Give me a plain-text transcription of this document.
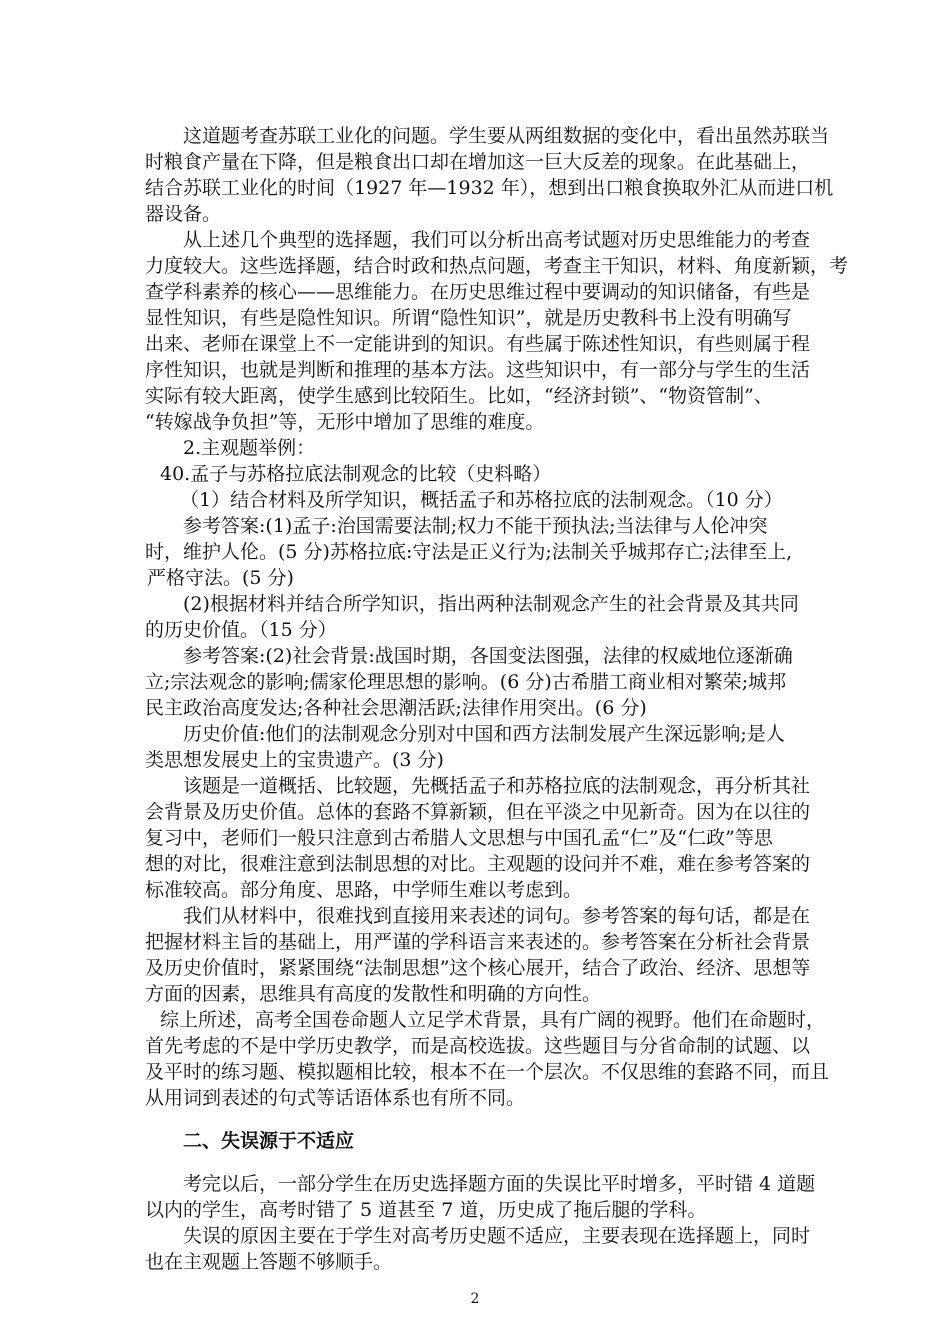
这道题考查苏联工业化的问题。学生要从两组数据的变化中，看出虽然苏联当
时粮食产量在下降，但是粮食出口却在增加这一巨大反差的现象。在此基础上，
结合苏联工业化的时间（1927 年—1932 年），想到出口粮食换取外汇从而进口机
器设备。
从上述几个典型的选择题，我们可以分析出高考试题对历史思维能力的考查
力度较大。这些选择题，结合时政和热点问题，考查主干知识，材料、角度新颖，考
查学科素养的核心——思维能力。在历史思维过程中要调动的知识储备，有些是
显性知识，有些是隐性知识。所谓“隐性知识”，就是历史教科书上没有明确写
出来、老师在课堂上不一定能讲到的知识。有些属于陈述性知识，有些则属于程
序性知识，也就是判断和推理的基本方法。这些知识中，有一部分与学生的生活
实际有较大距离，使学生感到比较陌生。比如，“经济封锁”、“物资管制”、
“转嫁战争负担”等，无形中增加了思维的难度。
2.主观题举例：
40.孟子与苏格拉底法制观念的比较（史料略）
（1）结合材料及所学知识，概括孟子和苏格拉底的法制观念。（10 分）
参考答案:(1)孟子:治国需要法制;权力不能干预执法;当法律与人伦冲突
时，维护人伦。(5 分)苏格拉底:守法是正义行为;法制关乎城邦存亡;法律至上,
严格守法。(5 分)
(2)根据材料并结合所学知识，指出两种法制观念产生的社会背景及其共同
的历史价值。（15 分）
参考答案:(2)社会背景:战国时期，各国变法图强，法律的权威地位逐渐确
立;宗法观念的影响;儒家伦理思想的影响。(6 分)古希腊工商业相对繁荣;城邦
民主政治高度发达;各种社会思潮活跃;法律作用突出。(6 分)
历史价值:他们的法制观念分别对中国和西方法制发展产生深远影响;是人
类思想发展史上的宝贵遗产。(3 分)
该题是一道概括、比较题，先概括孟子和苏格拉底的法制观念，再分析其社
会背景及历史价值。总体的套路不算新颖，但在平淡之中见新奇。因为在以往的
复习中，老师们一般只注意到古希腊人文思想与中国孔孟“仁”及“仁政”等思
想的对比，很难注意到法制思想的对比。主观题的设问并不难，难在参考答案的
标准较高。部分角度、思路，中学师生难以考虑到。
我们从材料中，很难找到直接用来表述的词句。参考答案的每句话，都是在
把握材料主旨的基础上，用严谨的学科语言来表述的。参考答案在分析社会背景
及历史价值时，紧紧围绕“法制思想”这个核心展开，结合了政治、经济、思想等
方面的因素，思维具有高度的发散性和明确的方向性。
综上所述，高考全国卷命题人立足学术背景，具有广阔的视野。他们在命题时，
首先考虑的不是中学历史教学，而是高校选拔。这些题目与分省命制的试题、以
及平时的练习题、模拟题相比较，根本不在一个层次。不仅思维的套路不同，而且
从用词到表述的句式等话语体系也有所不同。
二、失误源于不适应
考完以后，一部分学生在历史选择题方面的失误比平时增多，平时错 4 道题
以内的学生，高考时错了 5 道甚至 7 道，历史成了拖后腿的学科。
失误的原因主要在于学生对高考历史题不适应，主要表现在选择题上，同时
也在主观题上答题不够顺手。
2
